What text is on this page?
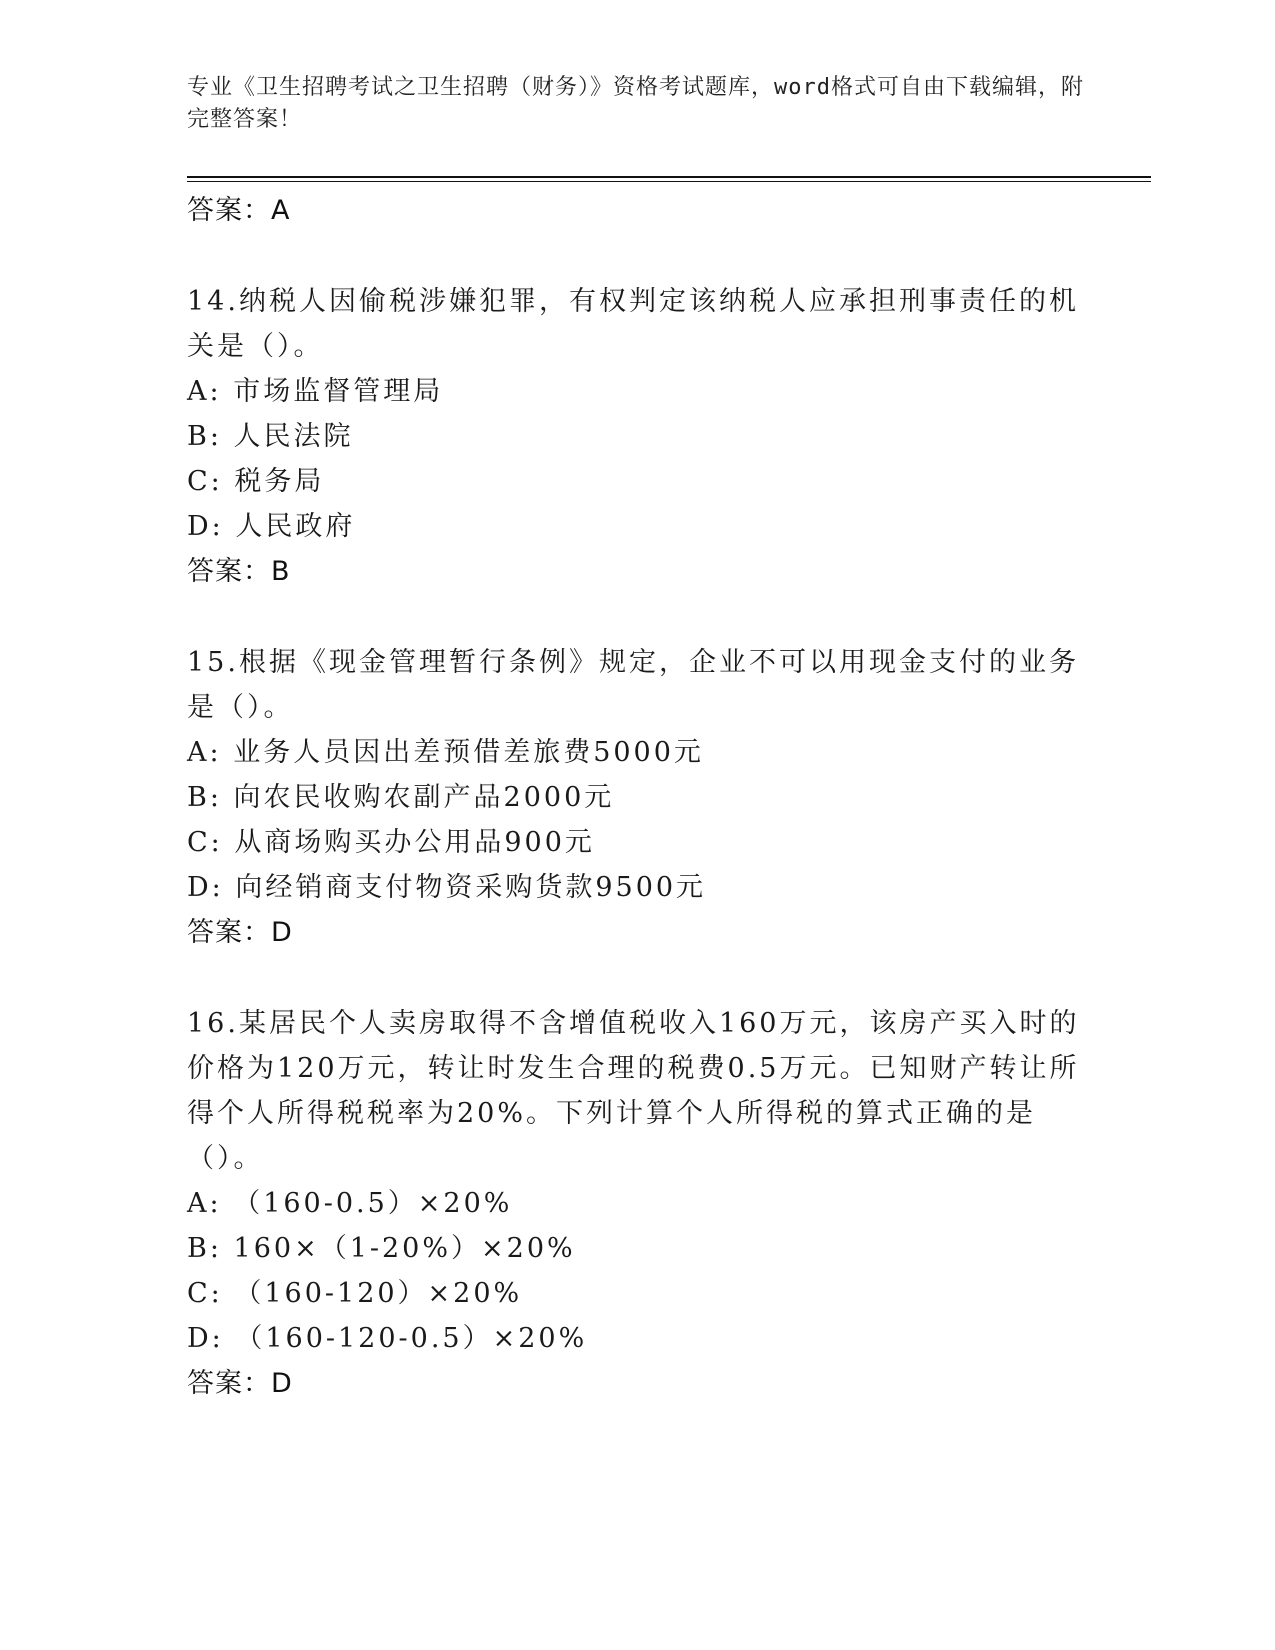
专业《卫生招聘考试之卫生招聘（财务）》资格考试题库，word格式可自由下载编辑，附完整答案！
答案：A
14.纳税人因偷税涉嫌犯罪，有权判定该纳税人应承担刑事责任的机关是（）。
A: 市场监督管理局
B: 人民法院
C: 税务局
D: 人民政府
答案：B
15.根据《现金管理暂行条例》规定，企业不可以用现金支付的业务是（）。
A: 业务人员因出差预借差旅费5000元
B: 向农民收购农副产品2000元
C: 从商场购买办公用品900元
D: 向经销商支付物资采购货款9500元
答案：D
16.某居民个人卖房取得不含增值税收入160万元，该房产买入时的价格为120万元，转让时发生合理的税费0.5万元。已知财产转让所得个人所得税税率为20%。下列计算个人所得税的算式正确的是（）。
A: （160-0.5）×20%
B: 160×（1-20%）×20%
C: （160-120）×20%
D: （160-120-0.5）×20%
答案：D
